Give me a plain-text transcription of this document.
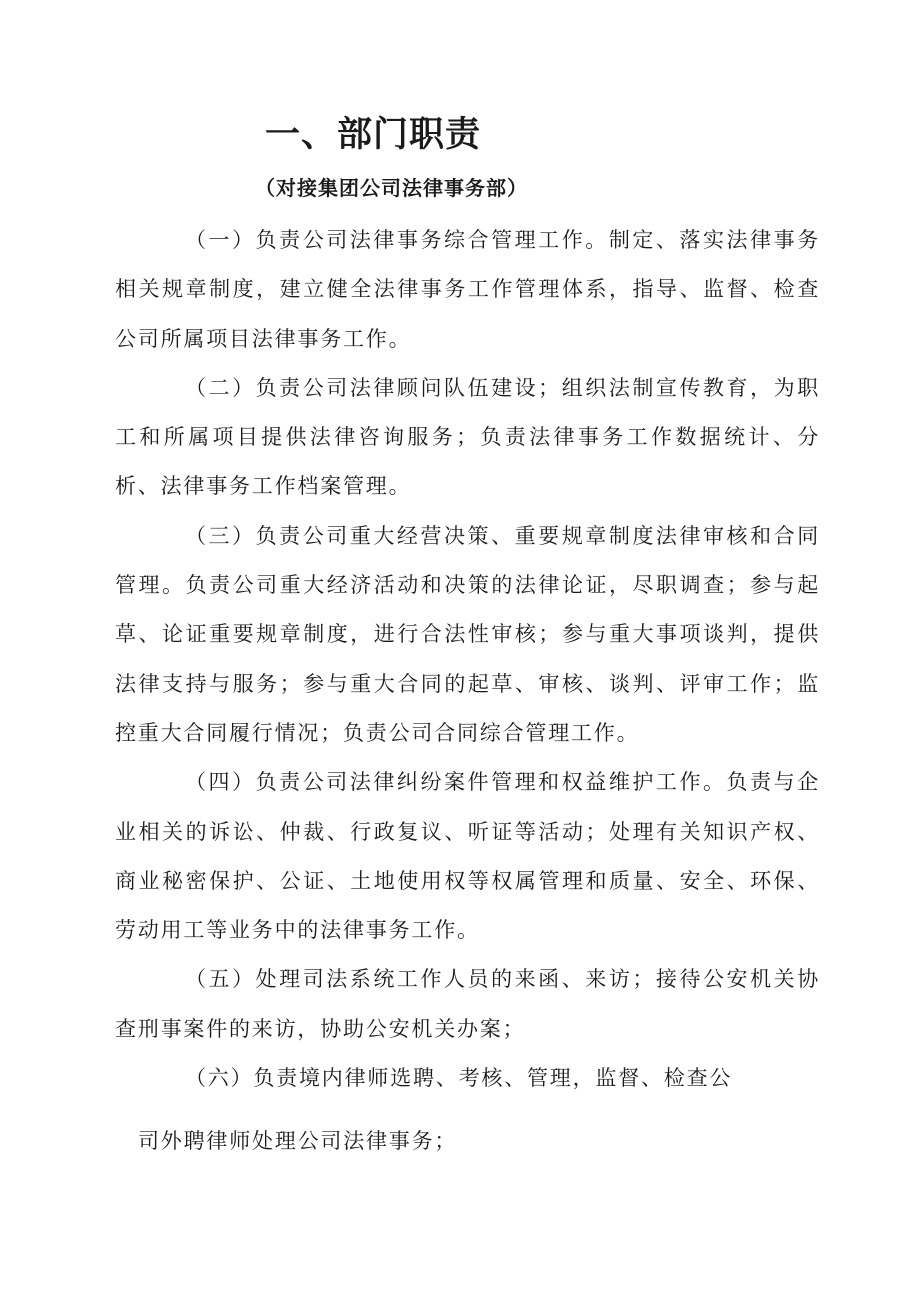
一、部门职责
（对接集团公司法律事务部）

（一）负责公司法律事务综合管理工作。制定、落实法律事务相关规章制度，建立健全法律事务工作管理体系，指导、监督、检查公司所属项目法律事务工作。

（二）负责公司法律顾问队伍建设；组织法制宣传教育，为职工和所属项目提供法律咨询服务；负责法律事务工作数据统计、分析、法律事务工作档案管理。

（三）负责公司重大经营决策、重要规章制度法律审核和合同管理。负责公司重大经济活动和决策的法律论证，尽职调查；参与起草、论证重要规章制度，进行合法性审核；参与重大事项谈判，提供法律支持与服务；参与重大合同的起草、审核、谈判、评审工作；监控重大合同履行情况；负责公司合同综合管理工作。

（四）负责公司法律纠纷案件管理和权益维护工作。负责与企业相关的诉讼、仲裁、行政复议、听证等活动；处理有关知识产权、商业秘密保护、公证、土地使用权等权属管理和质量、安全、环保、劳动用工等业务中的法律事务工作。

（五）处理司法系统工作人员的来函、来访；接待公安机关协查刑事案件的来访，协助公安机关办案；

（六）负责境内律师选聘、考核、管理，监督、检查公
司外聘律师处理公司法律事务；
